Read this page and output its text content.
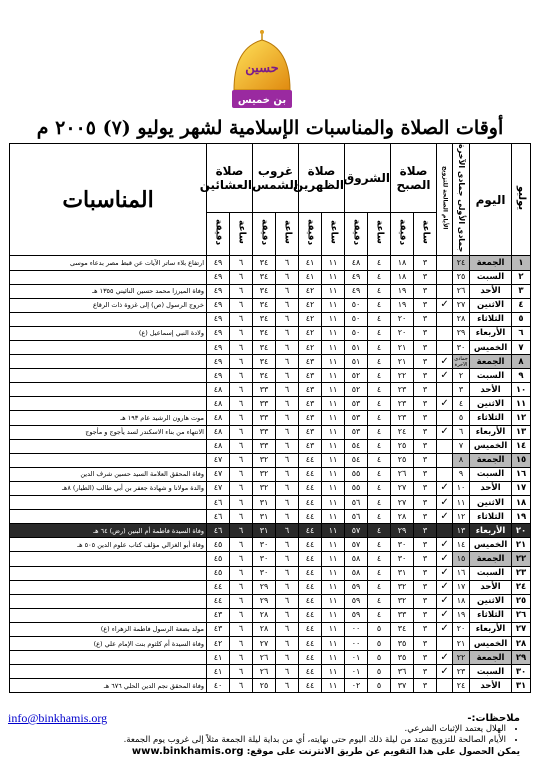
حسين
بن خميس
أوقات الصلاة والمناسبات الإسلامية لشهر يوليو (٧) ٢٠٠٥ م
يوليو	اليوم	جمادى الأولى جمادى الآخرة	الأيام الصالحة للتزويج	صلاة الصبح		الشروق		صلاة الظهرين		غروب الشمس		صلاة العشائين		المناسبات
				ساعة	دقيقة	ساعة	دقيقة	ساعة	دقيقة	ساعة	دقيقة	ساعة	دقيقة	
١	الجمعة	٢٤		٣	١٨	٤	٤٨	١١	٤١	٦	٣٤	٦	٤٩	ارتفاع بلاء ساتر الآيات عن قبط مصر بدعاء موسى
٢	السبت	٢٥		٣	١٨	٤	٤٩	١١	٤١	٦	٣٤	٦	٤٩	
٣	الأحد	٢٦		٣	١٩	٤	٤٩	١١	٤٢	٦	٣٤	٦	٤٩	وفاة الميرزا محمد حسين النائيني ١٣٥٥ هـ
٤	الاثنين	٢٧	✓	٣	١٩	٤	٥٠	١١	٤٢	٦	٣٤	٦	٤٩	خروج الرسول (ص) إلى غزوة ذات الرقاع
٥	الثلاثاء	٢٨		٣	٢٠	٤	٥٠	١١	٤٢	٦	٣٤	٦	٤٩	
٦	الأربعاء	٢٩		٣	٢٠	٤	٥٠	١١	٤٢	٦	٣٤	٦	٤٩	ولادة النبي إسماعيل (ع)
٧	الخميس	٣٠		٣	٢١	٤	٥١	١١	٤٢	٦	٣٤	٦	٤٩	
٨	الجمعة	جمادى الآخرة	✓	٣	٢١	٤	٥١	١١	٤٣	٦	٣٤	٦	٤٩	
٩	السبت	٢	✓	٣	٢٢	٤	٥٢	١١	٤٣	٦	٣٤	٦	٤٩	
١٠	الأحد	٣		٣	٢٣	٤	٥٢	١١	٤٣	٦	٣٣	٦	٤٨	
١١	الاثنين	٤	✓	٣	٢٣	٤	٥٣	١١	٤٣	٦	٣٣	٦	٤٨	
١٢	الثلاثاء	٥		٣	٢٣	٤	٥٣	١١	٤٣	٦	٣٣	٦	٤٨	موت هارون الرشيد عام ١٩٣ هـ
١٣	الأربعاء	٦	✓	٣	٢٤	٤	٥٣	١١	٤٣	٦	٣٣	٦	٤٨	الانتهاء من بناء الاسكندر لسد يأجوج و مأجوج
١٤	الخميس	٧		٣	٢٥	٤	٥٤	١١	٤٣	٦	٣٣	٦	٤٨	
١٥	الجمعة	٨		٣	٢٥	٤	٥٤	١١	٤٤	٦	٣٢	٦	٤٧	
١٦	السبت	٩		٣	٢٦	٤	٥٥	١١	٤٤	٦	٣٢	٦	٤٧	وفاة المحقق العلامة السيد حسين شرف الدين
١٧	الأحد	١٠	✓	٣	٢٧	٤	٥٥	١١	٤٤	٦	٣٢	٦	٤٧	والدة مولانا و شهادة جعفر بن أبي طالب (الطيار) ٨هـ
١٨	الاثنين	١١	✓	٣	٢٧	٤	٥٦	١١	٤٤	٦	٣١	٦	٤٦	
١٩	الثلاثاء	١٢	✓	٣	٢٨	٤	٥٦	١١	٤٤	٦	٣١	٦	٤٦	
٢٠	الأربعاء	١٣		٣	٢٩	٤	٥٧	١١	٤٤	٦	٣١	٦	٤٦	وفاة السيدة فاطمة أم البنين (رض) ٦٤ هـ
٢١	الخميس	١٤	✓	٣	٣٠	٤	٥٧	١١	٤٤	٦	٣٠	٦	٤٥	وفاة أبو الغزالي مؤلف كتاب علوم الدين ٥٠٥ هـ
٢٢	الجمعة	١٥	✓	٣	٣٠	٤	٥٨	١١	٤٤	٦	٣٠	٦	٤٥	
٢٣	السبت	١٦	✓	٣	٣١	٤	٥٨	١١	٤٤	٦	٣٠	٦	٤٥	
٢٤	الأحد	١٧	✓	٣	٣٢	٤	٥٩	١١	٤٤	٦	٢٩	٦	٤٤	
٢٥	الاثنين	١٨	✓	٣	٣٢	٤	٥٩	١١	٤٤	٦	٢٩	٦	٤٤	
٢٦	الثلاثاء	١٩	✓	٣	٣٣	٤	٥٩	١١	٤٤	٦	٢٨	٦	٤٣	
٢٧	الأربعاء	٢٠	✓	٣	٣٤	٥	٠٠	١١	٤٤	٦	٢٨	٦	٤٣	مولد بضعة الرسول فاطمة الزهراء (ع)
٢٨	الخميس	٢١		٣	٣٥	٥	٠٠	١١	٤٤	٦	٢٧	٦	٤٢	وفاة السيدة أم كلثوم بنت الإمام علي (ع)
٢٩	الجمعة	٢٢	✓	٣	٣٥	٥	٠١	١١	٤٤	٦	٢٦	٦	٤١	
٣٠	السبت	٢٣	✓	٣	٣٦	٥	٠١	١١	٤٤	٦	٢٦	٦	٤١	
٣١	الأحد	٢٤		٣	٣٧	٥	٠٢	١١	٤٤	٦	٢٥	٦	٤٠	وفاة المحقق نجم الدين الحلي ٦٧٦ هـ
ملاحظات:-
• الهلال يعتمد الإثبات الشرعي.
• الأيام الصالحة للتزويج تمتد من ليلة ذلك اليوم حتى نهايته، أي من بداية ليلة الجمعة مثلاً إلى غروب يوم الجمعة.
يمكن الحصول على هذا التقويم عن طريق الانترنت على موقع: www.binkhamis.org
info@binkhamis.org
